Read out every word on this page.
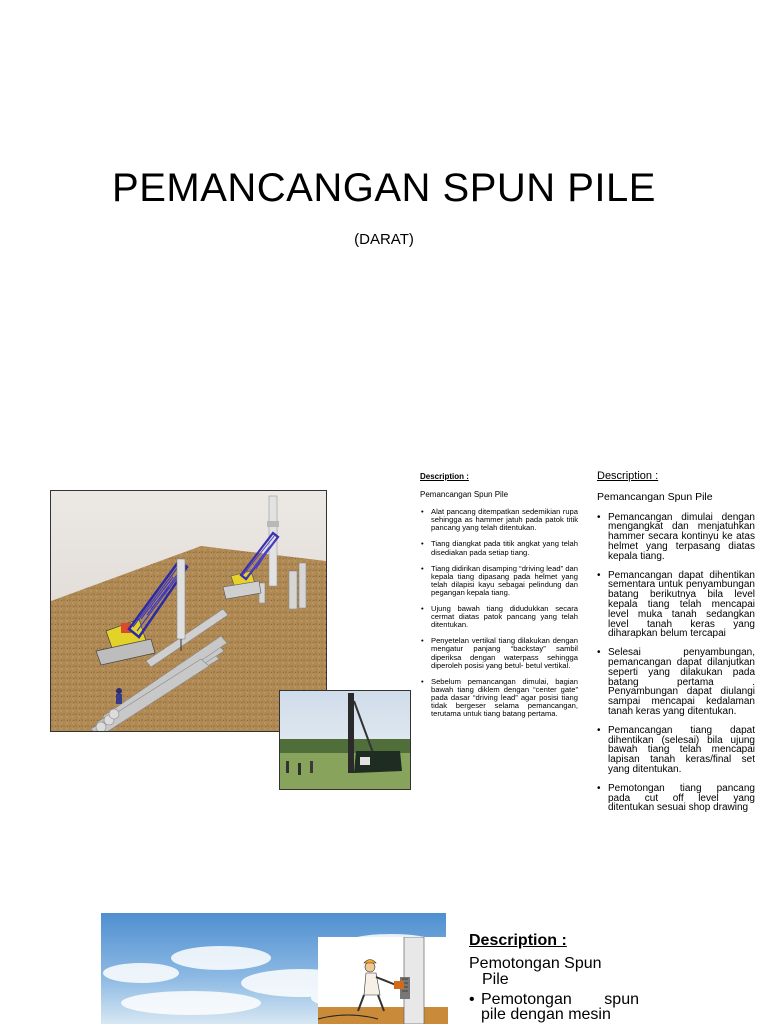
PEMANCANGAN SPUN PILE

(DARAT)

Description :

Pemancangan Spun Pile

• Alat pancang ditempatkan sedemikian rupa sehingga as hammer jatuh pada patok titik pancang yang telah ditentukan.
• Tiang diangkat pada titik angkat yang telah disediakan pada setiap tiang.
• Tiang didirikan disamping “driving lead” dan kepala tiang dipasang pada helmet yang telah dilapisi kayu sebagai pelindung dan pegangan kepala tiang.
• Ujung bawah tiang didudukkan secara cermat diatas patok pancang yang telah ditentukan.
• Penyetelan vertikal tiang dilakukan dengan mengatur panjang “backstay” sambil diperiksa dengan waterpass sehingga diperoleh posisi yang betul- betul vertikal.
• Sebelum pemancangan dimulai, bagian bawah tiang diklem dengan “center gate” pada dasar “driving lead” agar posisi tiang tidak bergeser selama pemancangan, terutama untuk tiang batang pertama.

Description :

Pemancangan Spun Pile

• Pemancangan dimulai dengan mengangkat dan menjatuhkan hammer secara kontinyu ke atas helmet yang terpasang diatas kepala tiang.
• Pemancangan dapat dihentikan sementara untuk penyambungan batang berikutnya bila level kepala tiang telah mencapai level muka tanah sedangkan level tanah keras yang diharapkan belum tercapai
• Selesai penyambungan, pemancangan dapat dilanjutkan seperti yang dilakukan pada batang pertama . Penyambungan dapat diulangi sampai mencapai kedalaman tanah keras yang ditentukan.
• Pemancangan tiang dapat dihentikan (selesai) bila ujung bawah tiang telah mencapai lapisan tanah keras/final set yang ditentukan.
• Pemotongan tiang pancang pada cut off level yang ditentukan sesuai shop drawing

Description :

Pemotongan Spun

Pile

• Pemotongan spun pile dengan mesin
